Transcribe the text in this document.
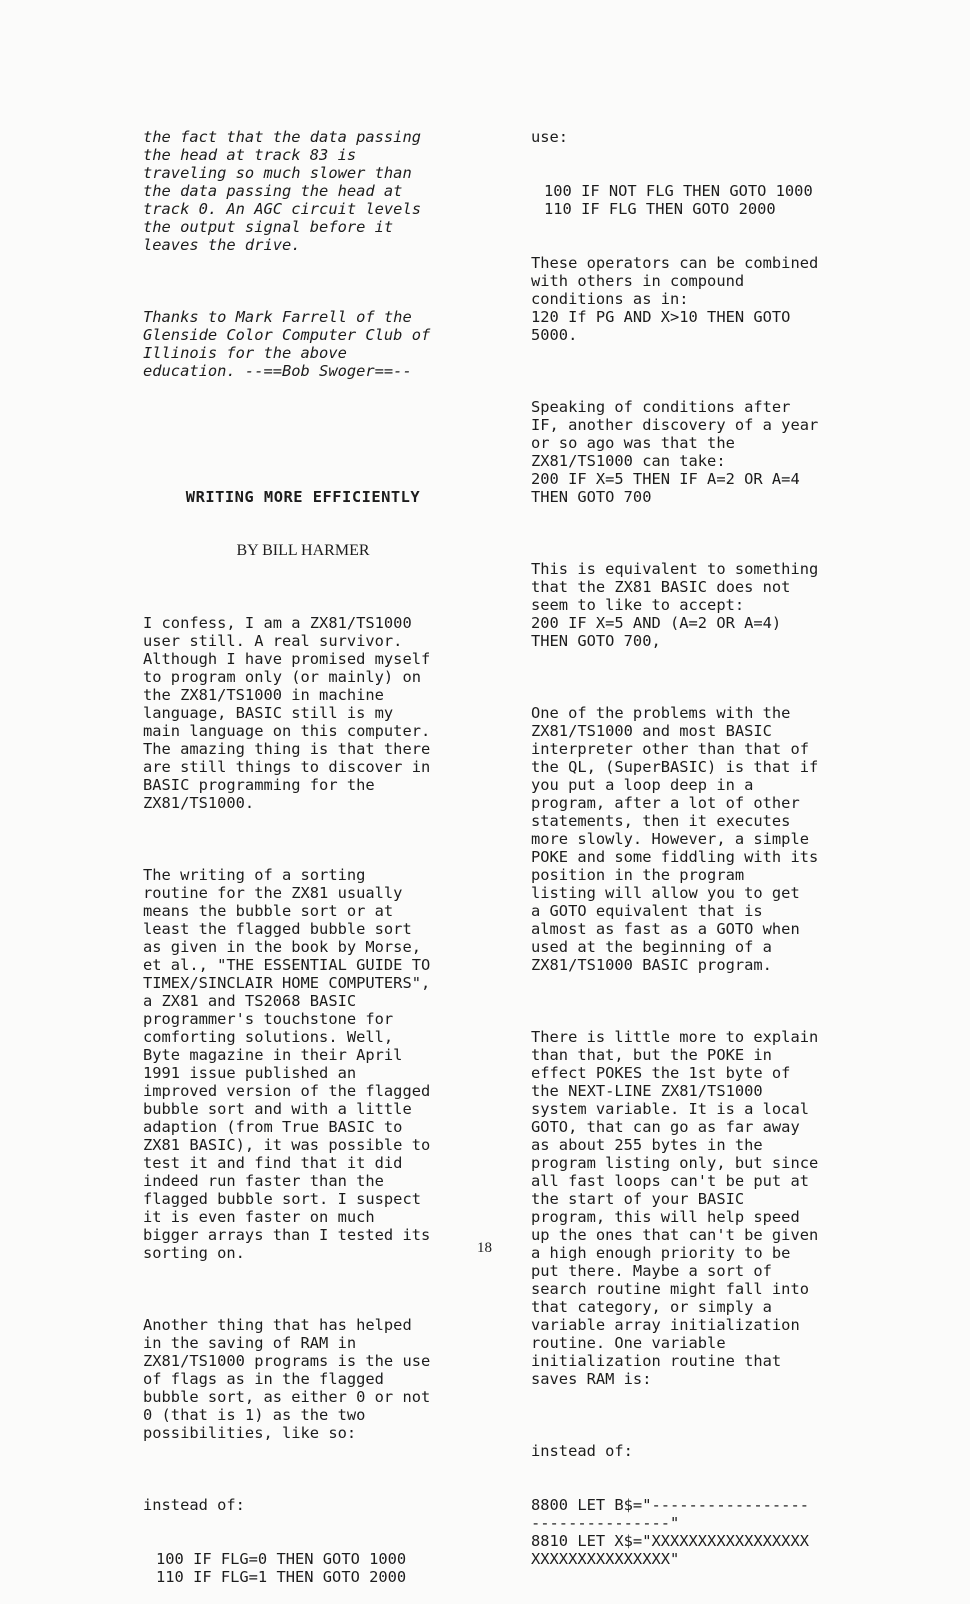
the fact that the data passing
the head at track 83 is
traveling so much slower than
the data passing the head at
track 0. An AGC circuit levels
the output signal before it
leaves the drive.

Thanks to Mark Farrell of the
Glenside Color Computer Club of
Illinois for the above
education. --==Bob Swoger==--

WRITING MORE EFFICIENTLY

BY BILL HARMER

I confess, I am a ZX81/TS1000
user still. A real survivor.
Although I have promised myself
to program only (or mainly) on
the ZX81/TS1000 in machine
language, BASIC still is my
main language on this computer.
The amazing thing is that there
are still things to discover in
BASIC programming for the
ZX81/TS1000.

The writing of a sorting
routine for the ZX81 usually
means the bubble sort or at
least the flagged bubble sort
as given in the book by Morse,
et al., "THE ESSENTIAL GUIDE TO
TIMEX/SINCLAIR HOME COMPUTERS",
a ZX81 and TS2068 BASIC
programmer's touchstone for
comforting solutions. Well,
Byte magazine in their April
1991 issue published an
improved version of the flagged
bubble sort and with a little
adaption (from True BASIC to
ZX81 BASIC), it was possible to
test it and find that it did
indeed run faster than the
flagged bubble sort. I suspect
it is even faster on much
bigger arrays than I tested its
sorting on.

Another thing that has helped
in the saving of RAM in
ZX81/TS1000 programs is the use
of flags as in the flagged
bubble sort, as either 0 or not
0 (that is 1) as the two
possibilities, like so:

instead of:

100 IF FLG=0 THEN GOTO 1000
110 IF FLG=1 THEN GOTO 2000

use:

100 IF NOT FLG THEN GOTO 1000
110 IF FLG THEN GOTO 2000

These operators can be combined
with others in compound
conditions as in:
120 If PG AND X>10 THEN GOTO
5000.

Speaking of conditions after
IF, another discovery of a year
or so ago was that the
ZX81/TS1000 can take:
200 IF X=5 THEN IF A=2 OR A=4
THEN GOTO 700

This is equivalent to something
that the ZX81 BASIC does not
seem to like to accept:
200 IF X=5 AND (A=2 OR A=4)
THEN GOTO 700,

One of the problems with the
ZX81/TS1000 and most BASIC
interpreter other than that of
the QL, (SuperBASIC) is that if
you put a loop deep in a
program, after a lot of other
statements, then it executes
more slowly. However, a simple
POKE and some fiddling with its
position in the program
listing will allow you to get
a GOTO equivalent that is
almost as fast as a GOTO when
used at the beginning of a
ZX81/TS1000 BASIC program.

There is little more to explain
than that, but the POKE in
effect POKES the 1st byte of
the NEXT-LINE ZX81/TS1000
system variable. It is a local
GOTO, that can go as far away
as about 255 bytes in the
program listing only, but since
all fast loops can't be put at
the start of your BASIC
program, this will help speed
up the ones that can't be given
a high enough priority to be
put there. Maybe a sort of
search routine might fall into
that category, or simply a
variable array initialization
routine. One variable
initialization routine that
saves RAM is:

instead of:

8800 LET B$="-----------------
---------------"
8810 LET X$="XXXXXXXXXXXXXXXXX
XXXXXXXXXXXXXXX"

18
